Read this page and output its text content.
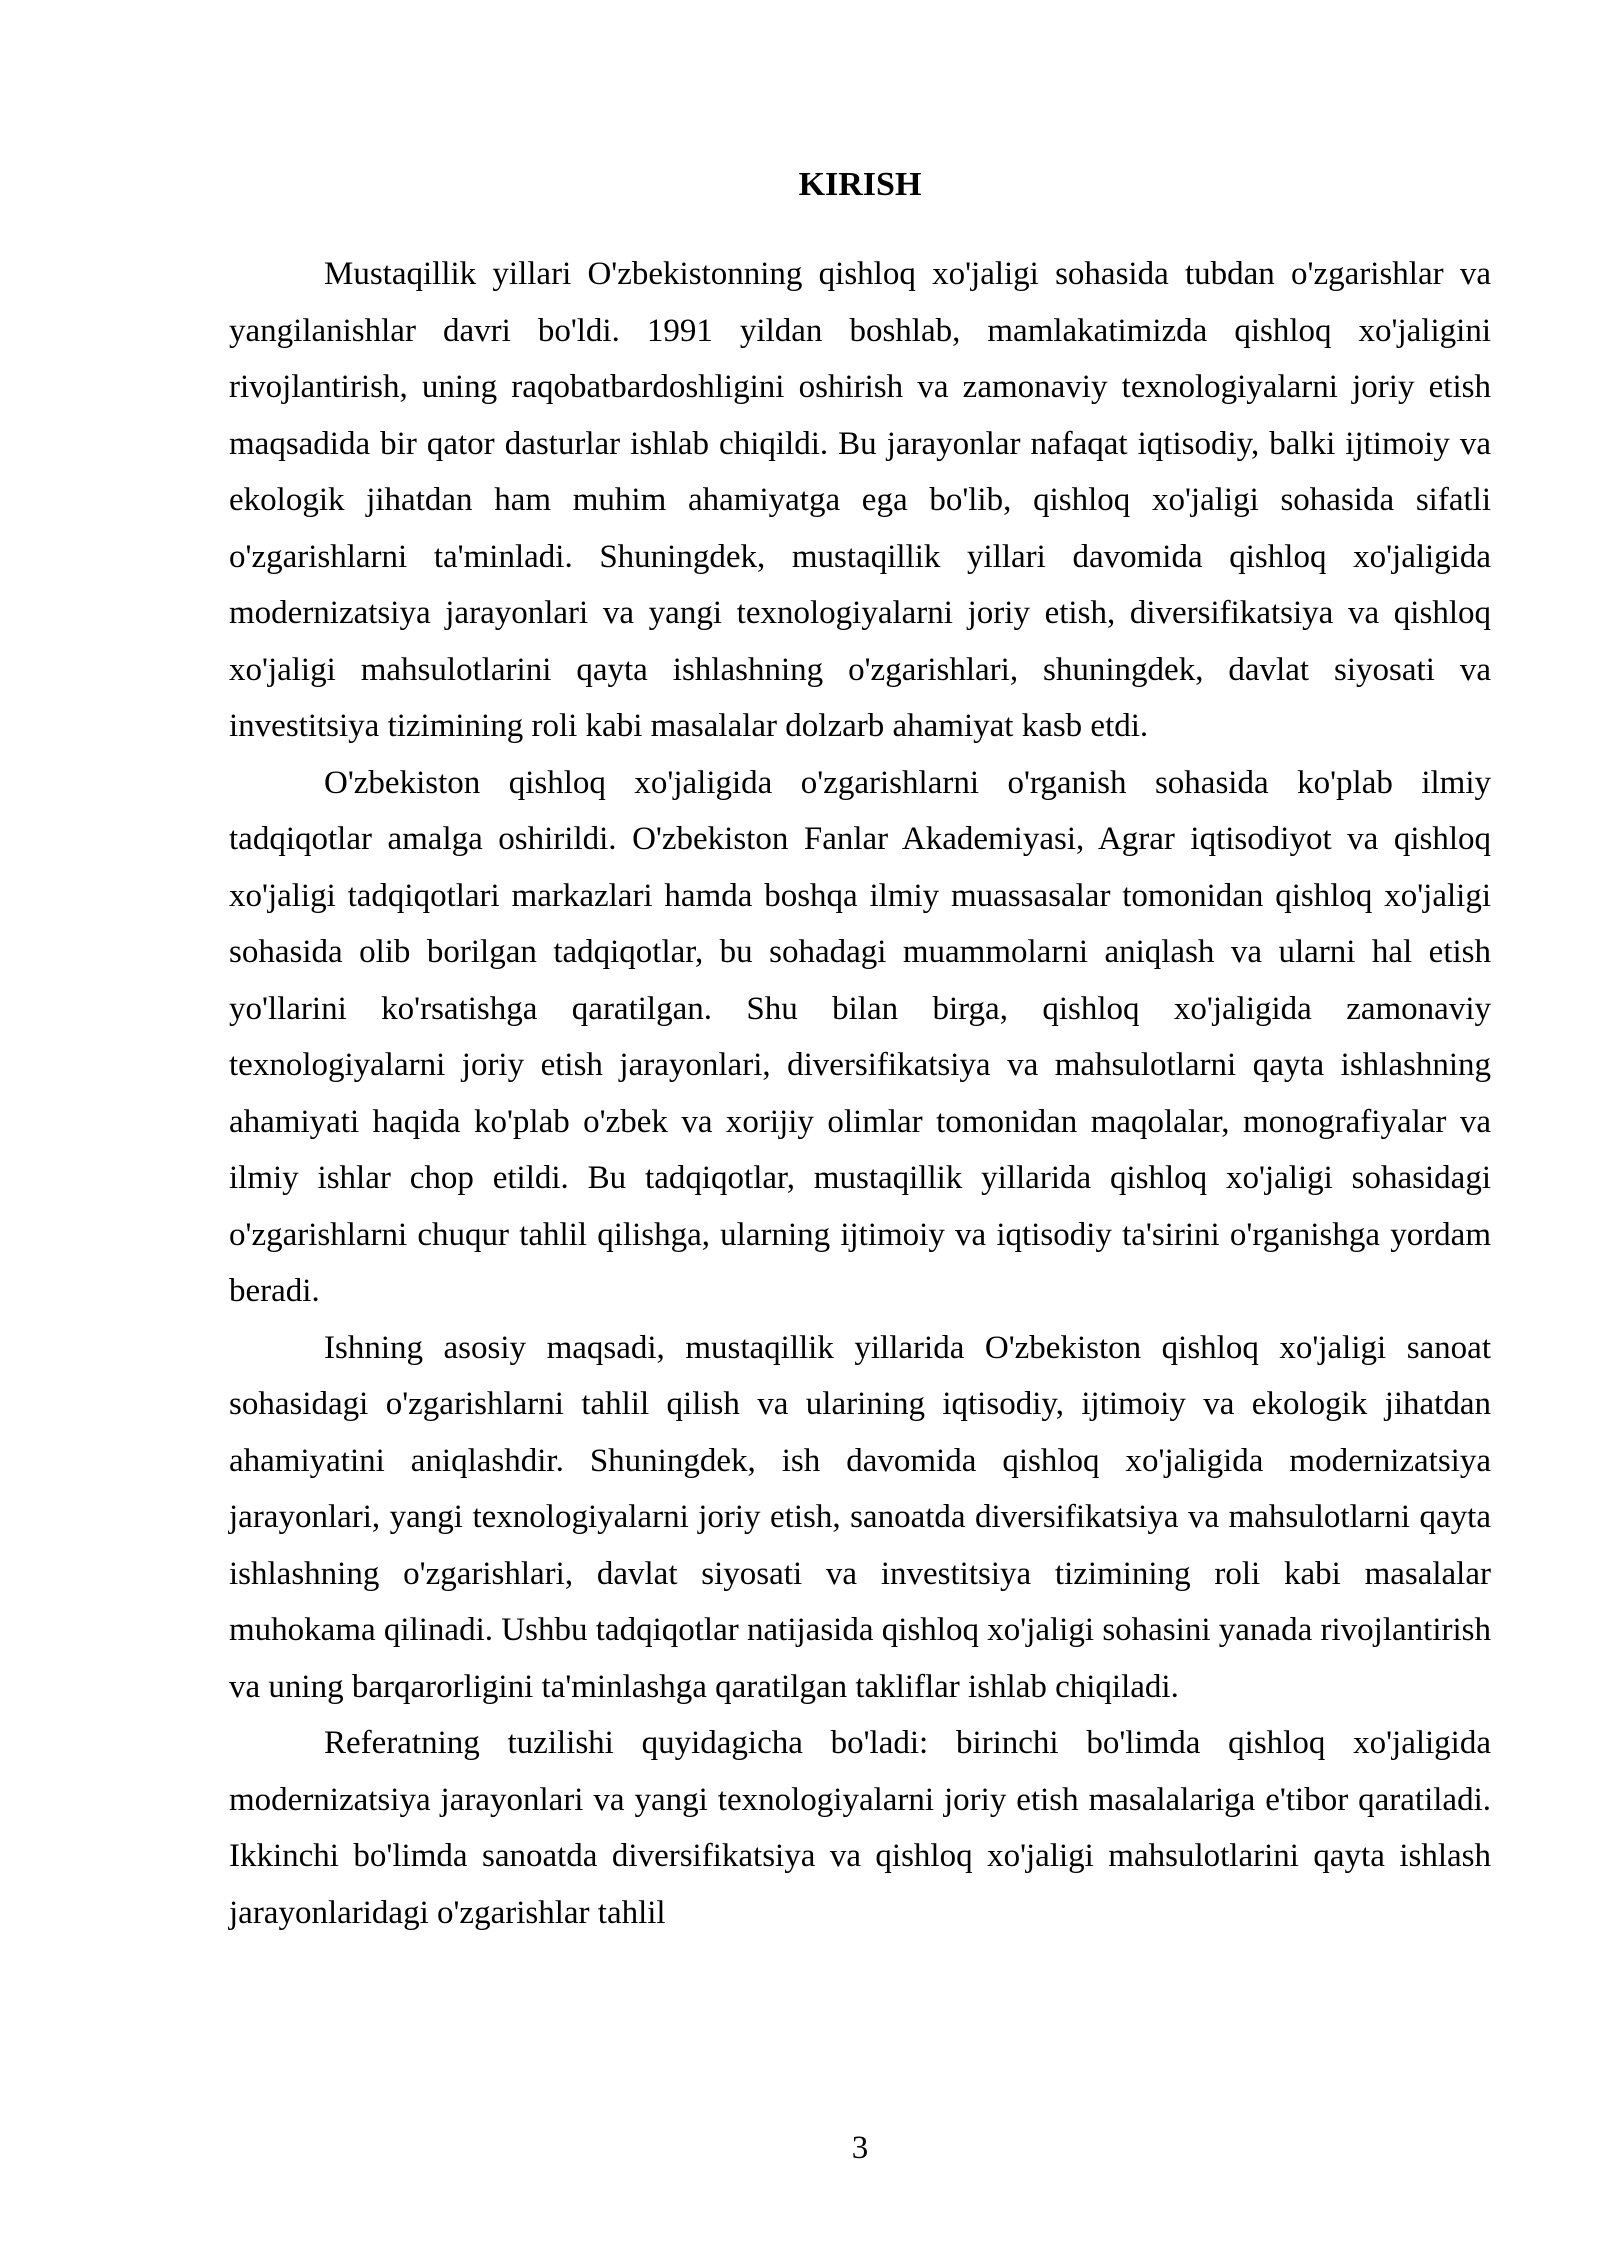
KIRISH

Mustaqillik yillari O'zbekistonning qishloq xo'jaligi sohasida tubdan o'zgarishlar va yangilanishlar davri bo'ldi. 1991 yildan boshlab, mamlakatimizda qishloq xo'jaligini rivojlantirish, uning raqobatbardoshligini oshirish va zamonaviy texnologiyalarni joriy etish maqsadida bir qator dasturlar ishlab chiqildi. Bu jarayonlar nafaqat iqtisodiy, balki ijtimoiy va ekologik jihatdan ham muhim ahamiyatga ega bo'lib, qishloq xo'jaligi sohasida sifatli o'zgarishlarni ta'minladi. Shuningdek, mustaqillik yillari davomida qishloq xo'jaligida modernizatsiya jarayonlari va yangi texnologiyalarni joriy etish, diversifikatsiya va qishloq xo'jaligi mahsulotlarini qayta ishlashning o'zgarishlari, shuningdek, davlat siyosati va investitsiya tizimining roli kabi masalalar dolzarb ahamiyat kasb etdi.

O'zbekiston qishloq xo'jaligida o'zgarishlarni o'rganish sohasida ko'plab ilmiy tadqiqotlar amalga oshirildi. O'zbekiston Fanlar Akademiyasi, Agrar iqtisodiyot va qishloq xo'jaligi tadqiqotlari markazlari hamda boshqa ilmiy muassasalar tomonidan qishloq xo'jaligi sohasida olib borilgan tadqiqotlar, bu sohadagi muammolarni aniqlash va ularni hal etish yo'llarini ko'rsatishga qaratilgan. Shu bilan birga, qishloq xo'jaligida zamonaviy texnologiyalarni joriy etish jarayonlari, diversifikatsiya va mahsulotlarni qayta ishlashning ahamiyati haqida ko'plab o'zbek va xorijiy olimlar tomonidan maqolalar, monografiyalar va ilmiy ishlar chop etildi. Bu tadqiqotlar, mustaqillik yillarida qishloq xo'jaligi sohasidagi o'zgarishlarni chuqur tahlil qilishga, ularning ijtimoiy va iqtisodiy ta'sirini o'rganishga yordam beradi.

Ishning asosiy maqsadi, mustaqillik yillarida O'zbekiston qishloq xo'jaligi sanoat sohasidagi o'zgarishlarni tahlil qilish va ularining iqtisodiy, ijtimoiy va ekologik jihatdan ahamiyatini aniqlashdir. Shuningdek, ish davomida qishloq xo'jaligida modernizatsiya jarayonlari, yangi texnologiyalarni joriy etish, sanoatda diversifikatsiya va mahsulotlarni qayta ishlashning o'zgarishlari, davlat siyosati va investitsiya tizimining roli kabi masalalar muhokama qilinadi. Ushbu tadqiqotlar natijasida qishloq xo'jaligi sohasini yanada rivojlantirish va uning barqarorligini ta'minlashga qaratilgan takliflar ishlab chiqiladi.

Referatning tuzilishi quyidagicha bo'ladi: birinchi bo'limda qishloq xo'jaligida modernizatsiya jarayonlari va yangi texnologiyalarni joriy etish masalalariga e'tibor qaratiladi. Ikkinchi bo'limda sanoatda diversifikatsiya va qishloq xo'jaligi mahsulotlarini qayta ishlash jarayonlaridagi o'zgarishlar tahlil

3
